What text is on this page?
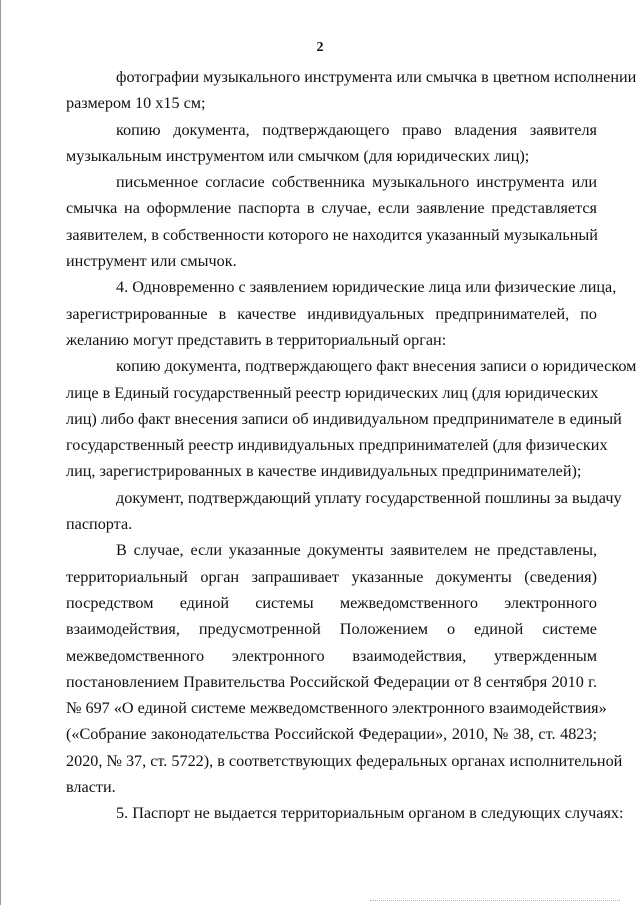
2
фотографии музыкального инструмента или смычка в цветном исполнении
размером 10 х15 см;
копию документа, подтверждающего право владения заявителя
музыкальным инструментом или смычком (для юридических лиц);
письменное согласие собственника музыкального инструмента или
смычка на оформление паспорта в случае, если заявление представляется
заявителем, в собственности которого не находится указанный музыкальный
инструмент или смычок.
4. Одновременно с заявлением юридические лица или физические лица,
зарегистрированные в качестве индивидуальных предпринимателей, по
желанию могут представить в территориальный орган:
копию документа, подтверждающего факт внесения записи о юридическом
лице в Единый государственный реестр юридических лиц (для юридических
лиц) либо факт внесения записи об индивидуальном предпринимателе в единый
государственный реестр индивидуальных предпринимателей (для физических
лиц, зарегистрированных в качестве индивидуальных предпринимателей);
документ, подтверждающий уплату государственной пошлины за выдачу
паспорта.
В случае, если указанные документы заявителем не представлены,
территориальный орган запрашивает указанные документы (сведения)
посредством единой системы межведомственного электронного
взаимодействия, предусмотренной Положением о единой системе
межведомственного электронного взаимодействия, утвержденным
постановлением Правительства Российской Федерации от 8 сентября 2010 г.
№ 697 «О единой системе межведомственного электронного взаимодействия»
(«Собрание законодательства Российской Федерации», 2010, № 38, ст. 4823;
2020, № 37, ст. 5722), в соответствующих федеральных органах исполнительной
власти.
5. Паспорт не выдается территориальным органом в следующих случаях:
